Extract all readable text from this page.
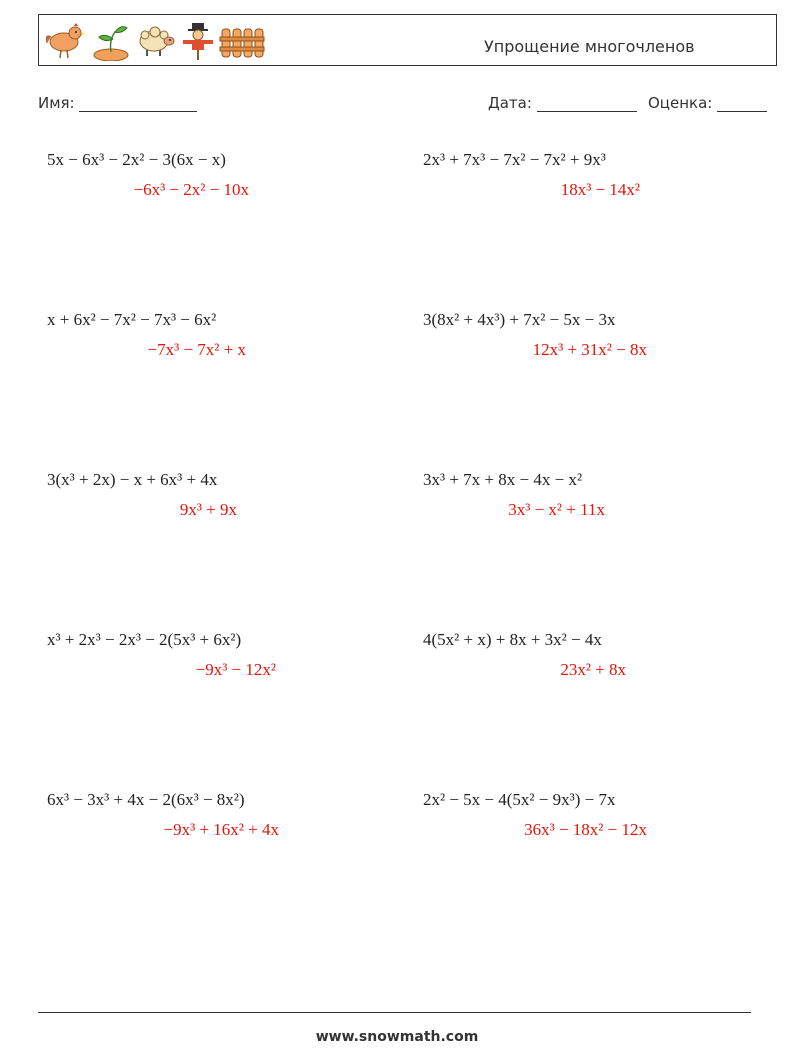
Упрощение многочленов
Имя:	Дата:	Оценка:
5x − 6x³ − 2x² − 3(6x − x)
−6x³ − 2x² − 10x
x + 6x² − 7x² − 7x³ − 6x²
−7x³ − 7x² + x
3(x³ + 2x) − x + 6x³ + 4x
9x³ + 9x
x³ + 2x³ − 2x³ − 2(5x³ + 6x²)
−9x³ − 12x²
6x³ − 3x³ + 4x − 2(6x³ − 8x²)
−9x³ + 16x² + 4x
2x³ + 7x³ − 7x² − 7x² + 9x³
18x³ − 14x²
3(8x² + 4x³) + 7x² − 5x − 3x
12x³ + 31x² − 8x
3x³ + 7x + 8x − 4x − x²
3x³ − x² + 11x
4(5x² + x) + 8x + 3x² − 4x
23x² + 8x
2x² − 5x − 4(5x² − 9x³) − 7x
36x³ − 18x² − 12x
www.snowmath.com
